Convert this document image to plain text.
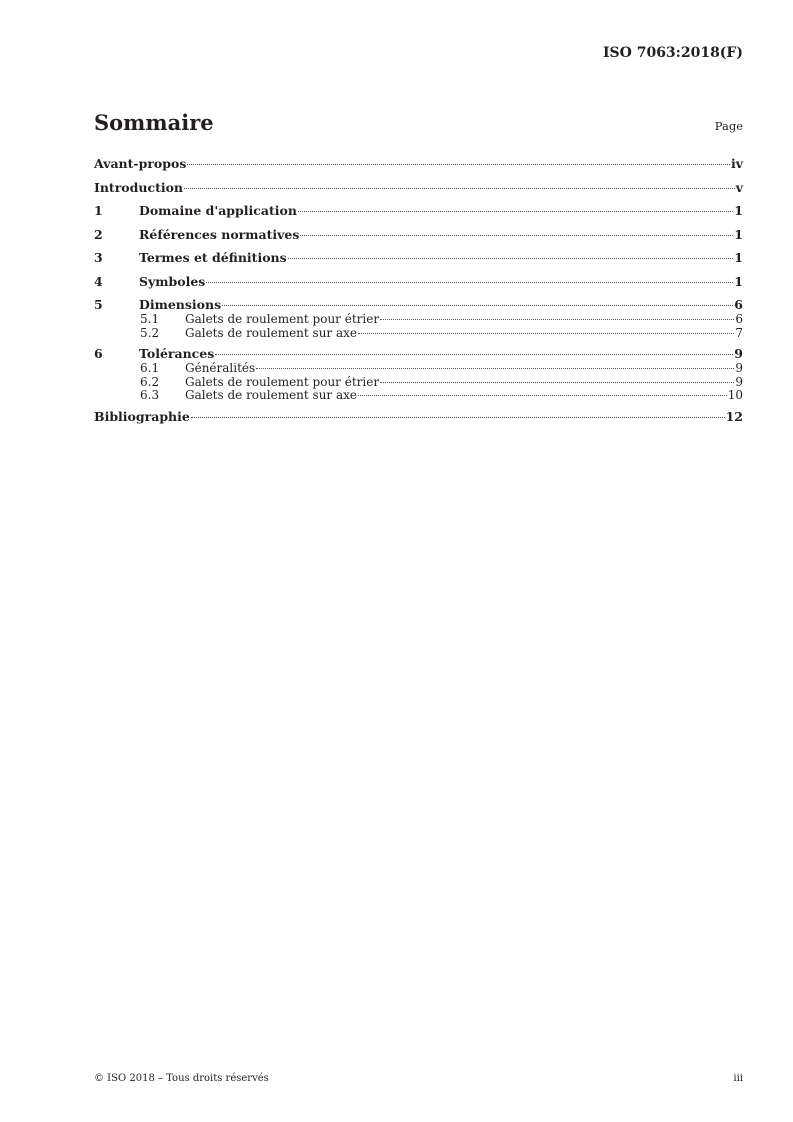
ISO 7063:2018(F)
Sommaire	Page
Avant-propos	iv
Introduction	v
1	Domaine d'application	1
2	Références normatives	1
3	Termes et définitions	1
4	Symboles	1
5	Dimensions	6
5.1	Galets de roulement pour étrier	6
5.2	Galets de roulement sur axe	7
6	Tolérances	9
6.1	Généralités	9
6.2	Galets de roulement pour étrier	9
6.3	Galets de roulement sur axe	10
Bibliographie	12
© ISO 2018 – Tous droits réservés	iii
